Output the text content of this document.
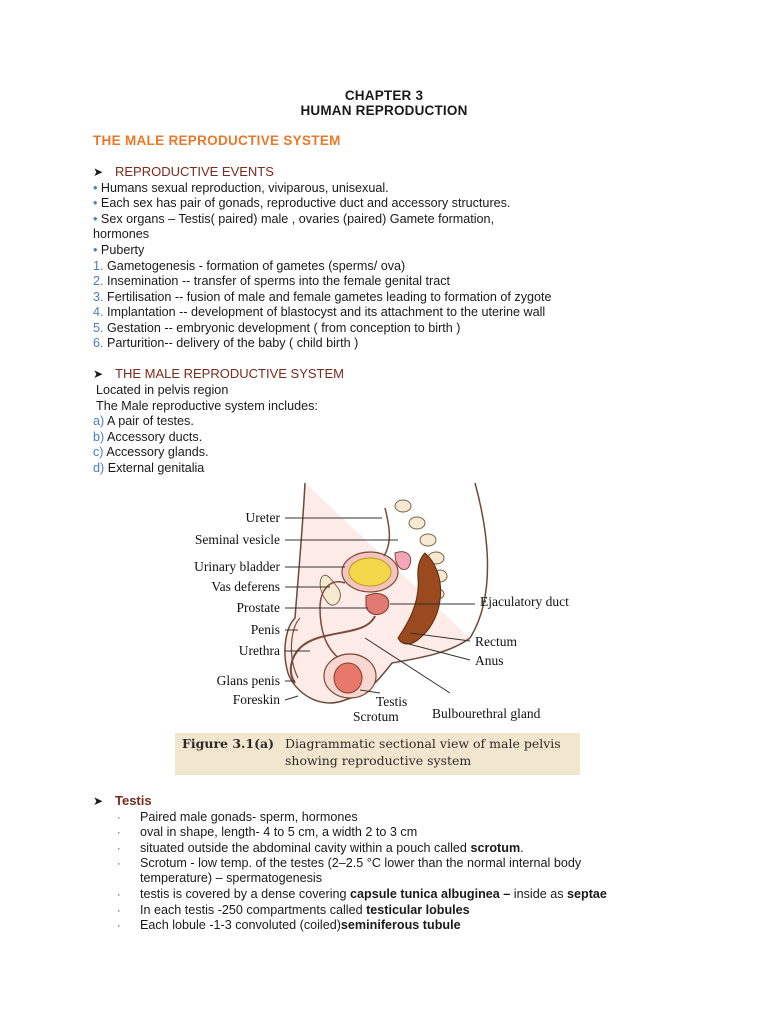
CHAPTER 3
HUMAN REPRODUCTION
THE MALE REPRODUCTIVE SYSTEM
➤ REPRODUCTIVE EVENTS
• Humans sexual reproduction, viviparous, unisexual.
• Each sex has pair of gonads, reproductive duct and accessory structures.
• Sex organs – Testis( paired) male , ovaries (paired) Gamete formation,
hormones
• Puberty
1. Gametogenesis - formation of gametes (sperms/ ova)
2. Insemination -- transfer of sperms into the female genital tract
3. Fertilisation -- fusion of male and female gametes leading to formation of zygote
4. Implantation -- development of blastocyst and its attachment to the uterine wall
5. Gestation -- embryonic development ( from conception to birth )
6. Parturition-- delivery of the baby ( child birth )
➤ THE MALE REPRODUCTIVE SYSTEM
Located in pelvis region
The Male reproductive system includes:
a) A pair of testes.
b) Accessory ducts.
c) Accessory glands.
d) External genitalia
Ureter
Seminal vesicle
Urinary bladder
Vas deferens
Prostate
Penis
Urethra
Glans penis
Foreskin
Ejaculatory duct
Rectum
Anus
Testis
Scrotum Bulbourethral gland
Figure 3.1(a) Diagrammatic sectional view of male pelvis
showing reproductive system
➤ Testis
· Paired male gonads- sperm, hormones
· oval in shape, length- 4 to 5 cm, a width 2 to 3 cm
· situated outside the abdominal cavity within a pouch called scrotum.
· Scrotum - low temp. of the testes (2–2.5 °C lower than the normal internal body
temperature) – spermatogenesis
· testis is covered by a dense covering capsule tunica albuginea – inside as septae
· In each testis -250 compartments called testicular lobules
· Each lobule -1-3 convoluted (coiled)seminiferous tubule
